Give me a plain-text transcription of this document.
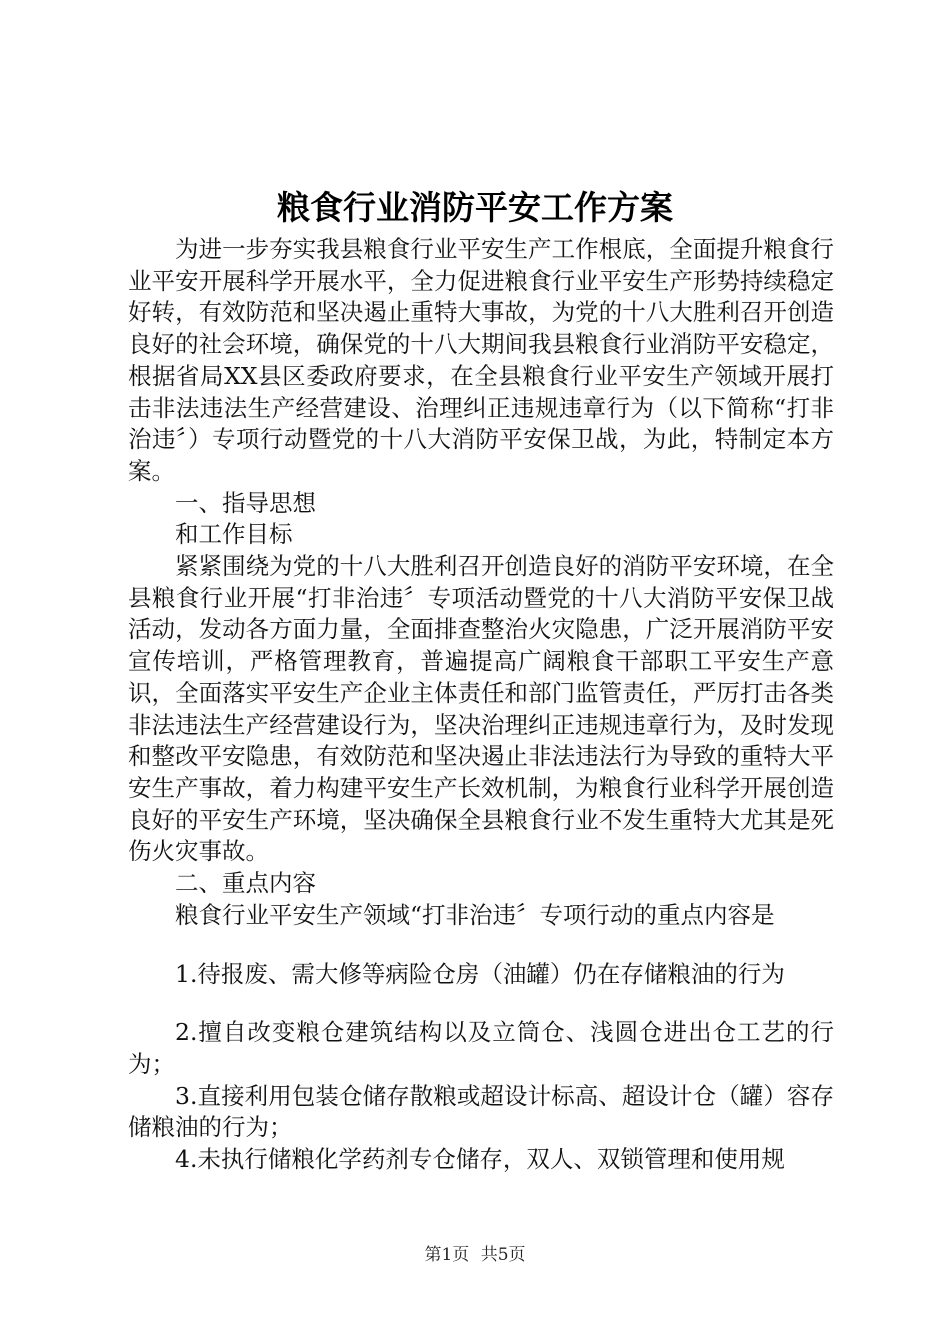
粮食行业消防平安工作方案

为进一步夯实我县粮食行业平安生产工作根底，全面提升粮食行业平安开展科学开展水平，全力促进粮食行业平安生产形势持续稳定好转，有效防范和坚决遏止重特大事故，为党的十八大胜利召开创造良好的社会环境，确保党的十八大期间我县粮食行业消防平安稳定，根据省局XX县区委政府要求，在全县粮食行业平安生产领域开展打击非法违法生产经营建设、治理纠正违规违章行为（以下简称“打非治违〞）专项行动暨党的十八大消防平安保卫战，为此，特制定本方案。

一、指导思想

和工作目标

紧紧围绕为党的十八大胜利召开创造良好的消防平安环境，在全县粮食行业开展“打非治违〞专项活动暨党的十八大消防平安保卫战活动，发动各方面力量，全面排查整治火灾隐患，广泛开展消防平安宣传培训，严格管理教育，普遍提高广阔粮食干部职工平安生产意识，全面落实平安生产企业主体责任和部门监管责任，严厉打击各类非法违法生产经营建设行为，坚决治理纠正违规违章行为，及时发现和整改平安隐患，有效防范和坚决遏止非法违法行为导致的重特大平安生产事故，着力构建平安生产长效机制，为粮食行业科学开展创造良好的平安生产环境，坚决确保全县粮食行业不发生重特大尤其是死伤火灾事故。

二、重点内容

粮食行业平安生产领域“打非治违〞专项行动的重点内容是

1.待报废、需大修等病险仓房（油罐）仍在存储粮油的行为

2.擅自改变粮仓建筑结构以及立筒仓、浅圆仓进出仓工艺的行为；

3.直接利用包装仓储存散粮或超设计标高、超设计仓（罐）容存储粮油的行为；

4.未执行储粮化学药剂专仓储存，双人、双锁管理和使用规

第1页 共5页
